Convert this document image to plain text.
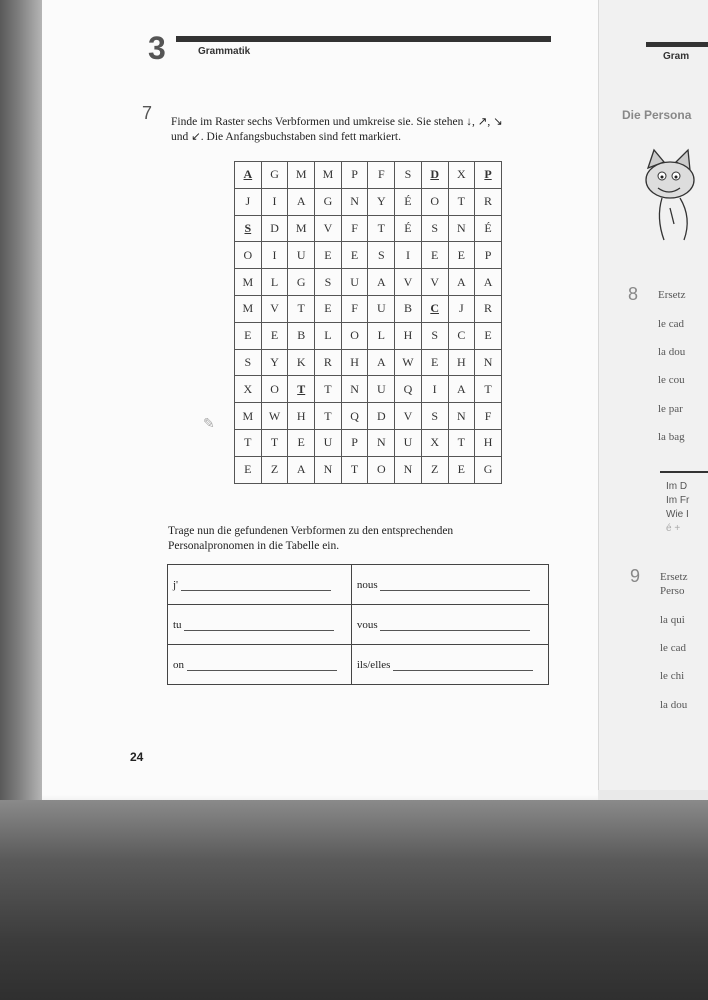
3	Grammatik
7 Finde im Raster sechs Verbformen und umkreise sie. Sie stehen ↓, ↗, ↘
und ↙. Die Anfangsbuchstaben sind fett markiert.
A	G	M	M	P	F	S	D	X	P
J	I	A	G	N	Y	É	O	T	R
S	D	M	V	F	T	É	S	N	É
O	I	U	E	E	S	I	E	E	P
M	L	G	S	U	A	V	V	A	A
M	V	T	E	F	U	B	C	J	R
E	E	B	L	O	L	H	S	C	E
S	Y	K	R	H	A	W	E	H	N
X	O	T	T	N	U	Q	I	A	T
M	W	H	T	Q	D	V	S	N	F
T	T	E	U	P	N	U	X	T	H
E	Z	A	N	T	O	N	Z	E	G
✎
Trage nun die gefundenen Verbformen zu den entsprechenden
Personalpronomen in die Tabelle ein.
j'	nous
tu	vous
on	ils/elles
24
Gram
Die Persona
8 Ersetz
le cad
la dou
le cou
le par
la bag
Im D
Im Fr
Wie I
é +
9 Ersetz
Perso
la qui
le cad
le chi
la dou
